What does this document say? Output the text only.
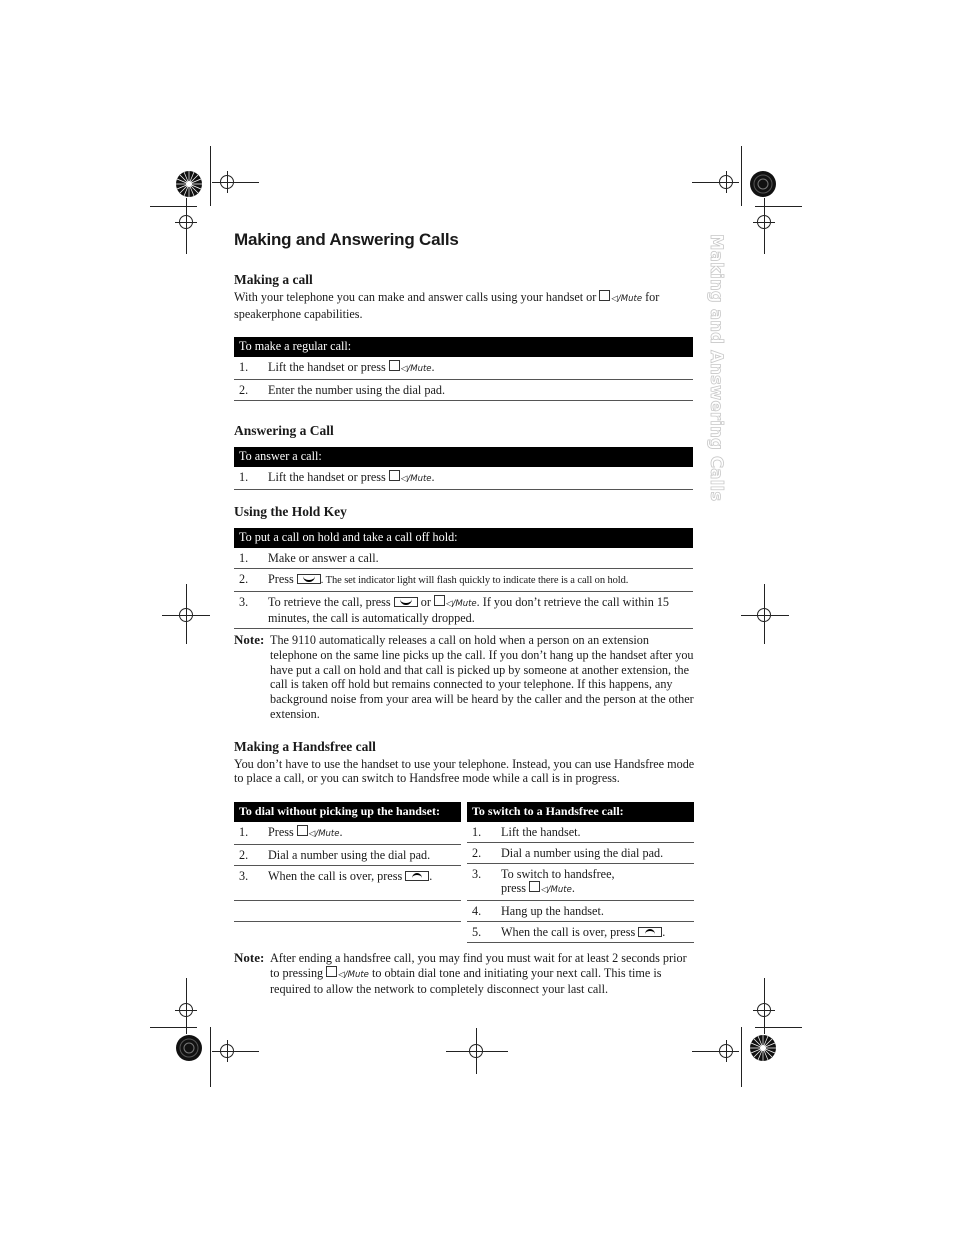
Making and Answering Calls
Making and Answering Calls
Making a call

With your telephone you can make and answer calls using your handset or ◁/Mute for speakerphone capabilities.

To make a regular call:	
1.	Lift the handset or press ◁/Mute.
2.	Enter the number using the dial pad.
Answering a Call
To answer a call:
1.	Lift the handset or press ◁/Mute.
Using the Hold Key
To put a call on hold and take a call off hold:	
1.	Make or answer a call.
2.	Press . The set indicator light will flash quickly to indicate there is a call on hold.
3.	To retrieve the call, press or ◁/Mute. If you don’t retrieve the call within 15 minutes, the call is automatically dropped.
Note: The 9110 automatically releases a call on hold when a person on an extension telephone on the same line picks up the call. If you don’t hang up the handset after you have put a call on hold and that call is picked up by someone at another extension, the call is taken off hold but remains connected to your telephone. If this happens, any background noise from your area will be heard by the caller and the person at the other extension.
Making a Handsfree call

You don’t have to use the handset to use your telephone. Instead, you can use Handsfree mode to place a call, or you can switch to Handsfree mode while a call is in progress.

To dial without picking up the handset:	
1.	Press ◁/Mute.
2.	Dial a number using the dial pad.
3.	When the call is over, press .

To switch to a Handsfree call:	
1.	Lift the handset.
2.	Dial a number using the dial pad.
3.	To switch to handsfree,
press ◁/Mute.
4.	Hang up the handset.
5.	When the call is over, press .
Note: After ending a handsfree call, you may find you must wait for at least 2 seconds prior to pressing ◁/Mute to obtain dial tone and initiating your next call. This time is required to allow the network to completely disconnect your last call.
